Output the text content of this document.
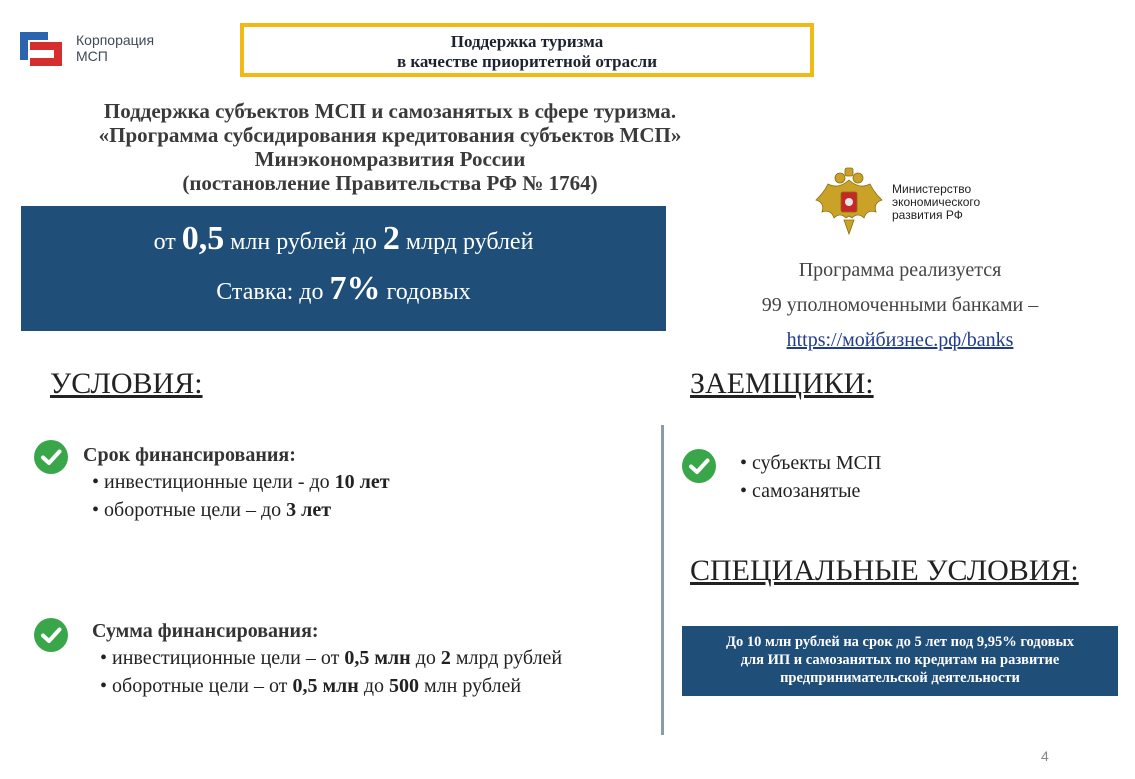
Корпорация
МСП
Поддержка туризма
в качестве приоритетной отрасли
Поддержка субъектов МСП и самозанятых в сфере туризма.
«Программа субсидирования кредитования субъектов МСП»
Минэкономразвития России
(постановление Правительства РФ № 1764)
от 0,5 млн рублей до 2 млрд рублей
Ставка: до 7% годовых
Министерство
экономического
развития РФ
Программа реализуется
99 уполномоченными банками –
https://мойбизнес.рф/banks
УСЛОВИЯ:
Срок финансирования:
• инвестиционные цели - до 10 лет
• оборотные цели – до 3 лет
Сумма финансирования:
• инвестиционные цели – от 0,5 млн до 2 млрд рублей
• оборотные цели – от 0,5 млн до 500 млн рублей
ЗАЕМЩИКИ:
• субъекты МСП
• самозанятые
СПЕЦИАЛЬНЫЕ УСЛОВИЯ:
До 10 млн рублей на срок до 5 лет под 9,95% годовых
для ИП и самозанятых по кредитам на развитие
предпринимательской деятельности
4
